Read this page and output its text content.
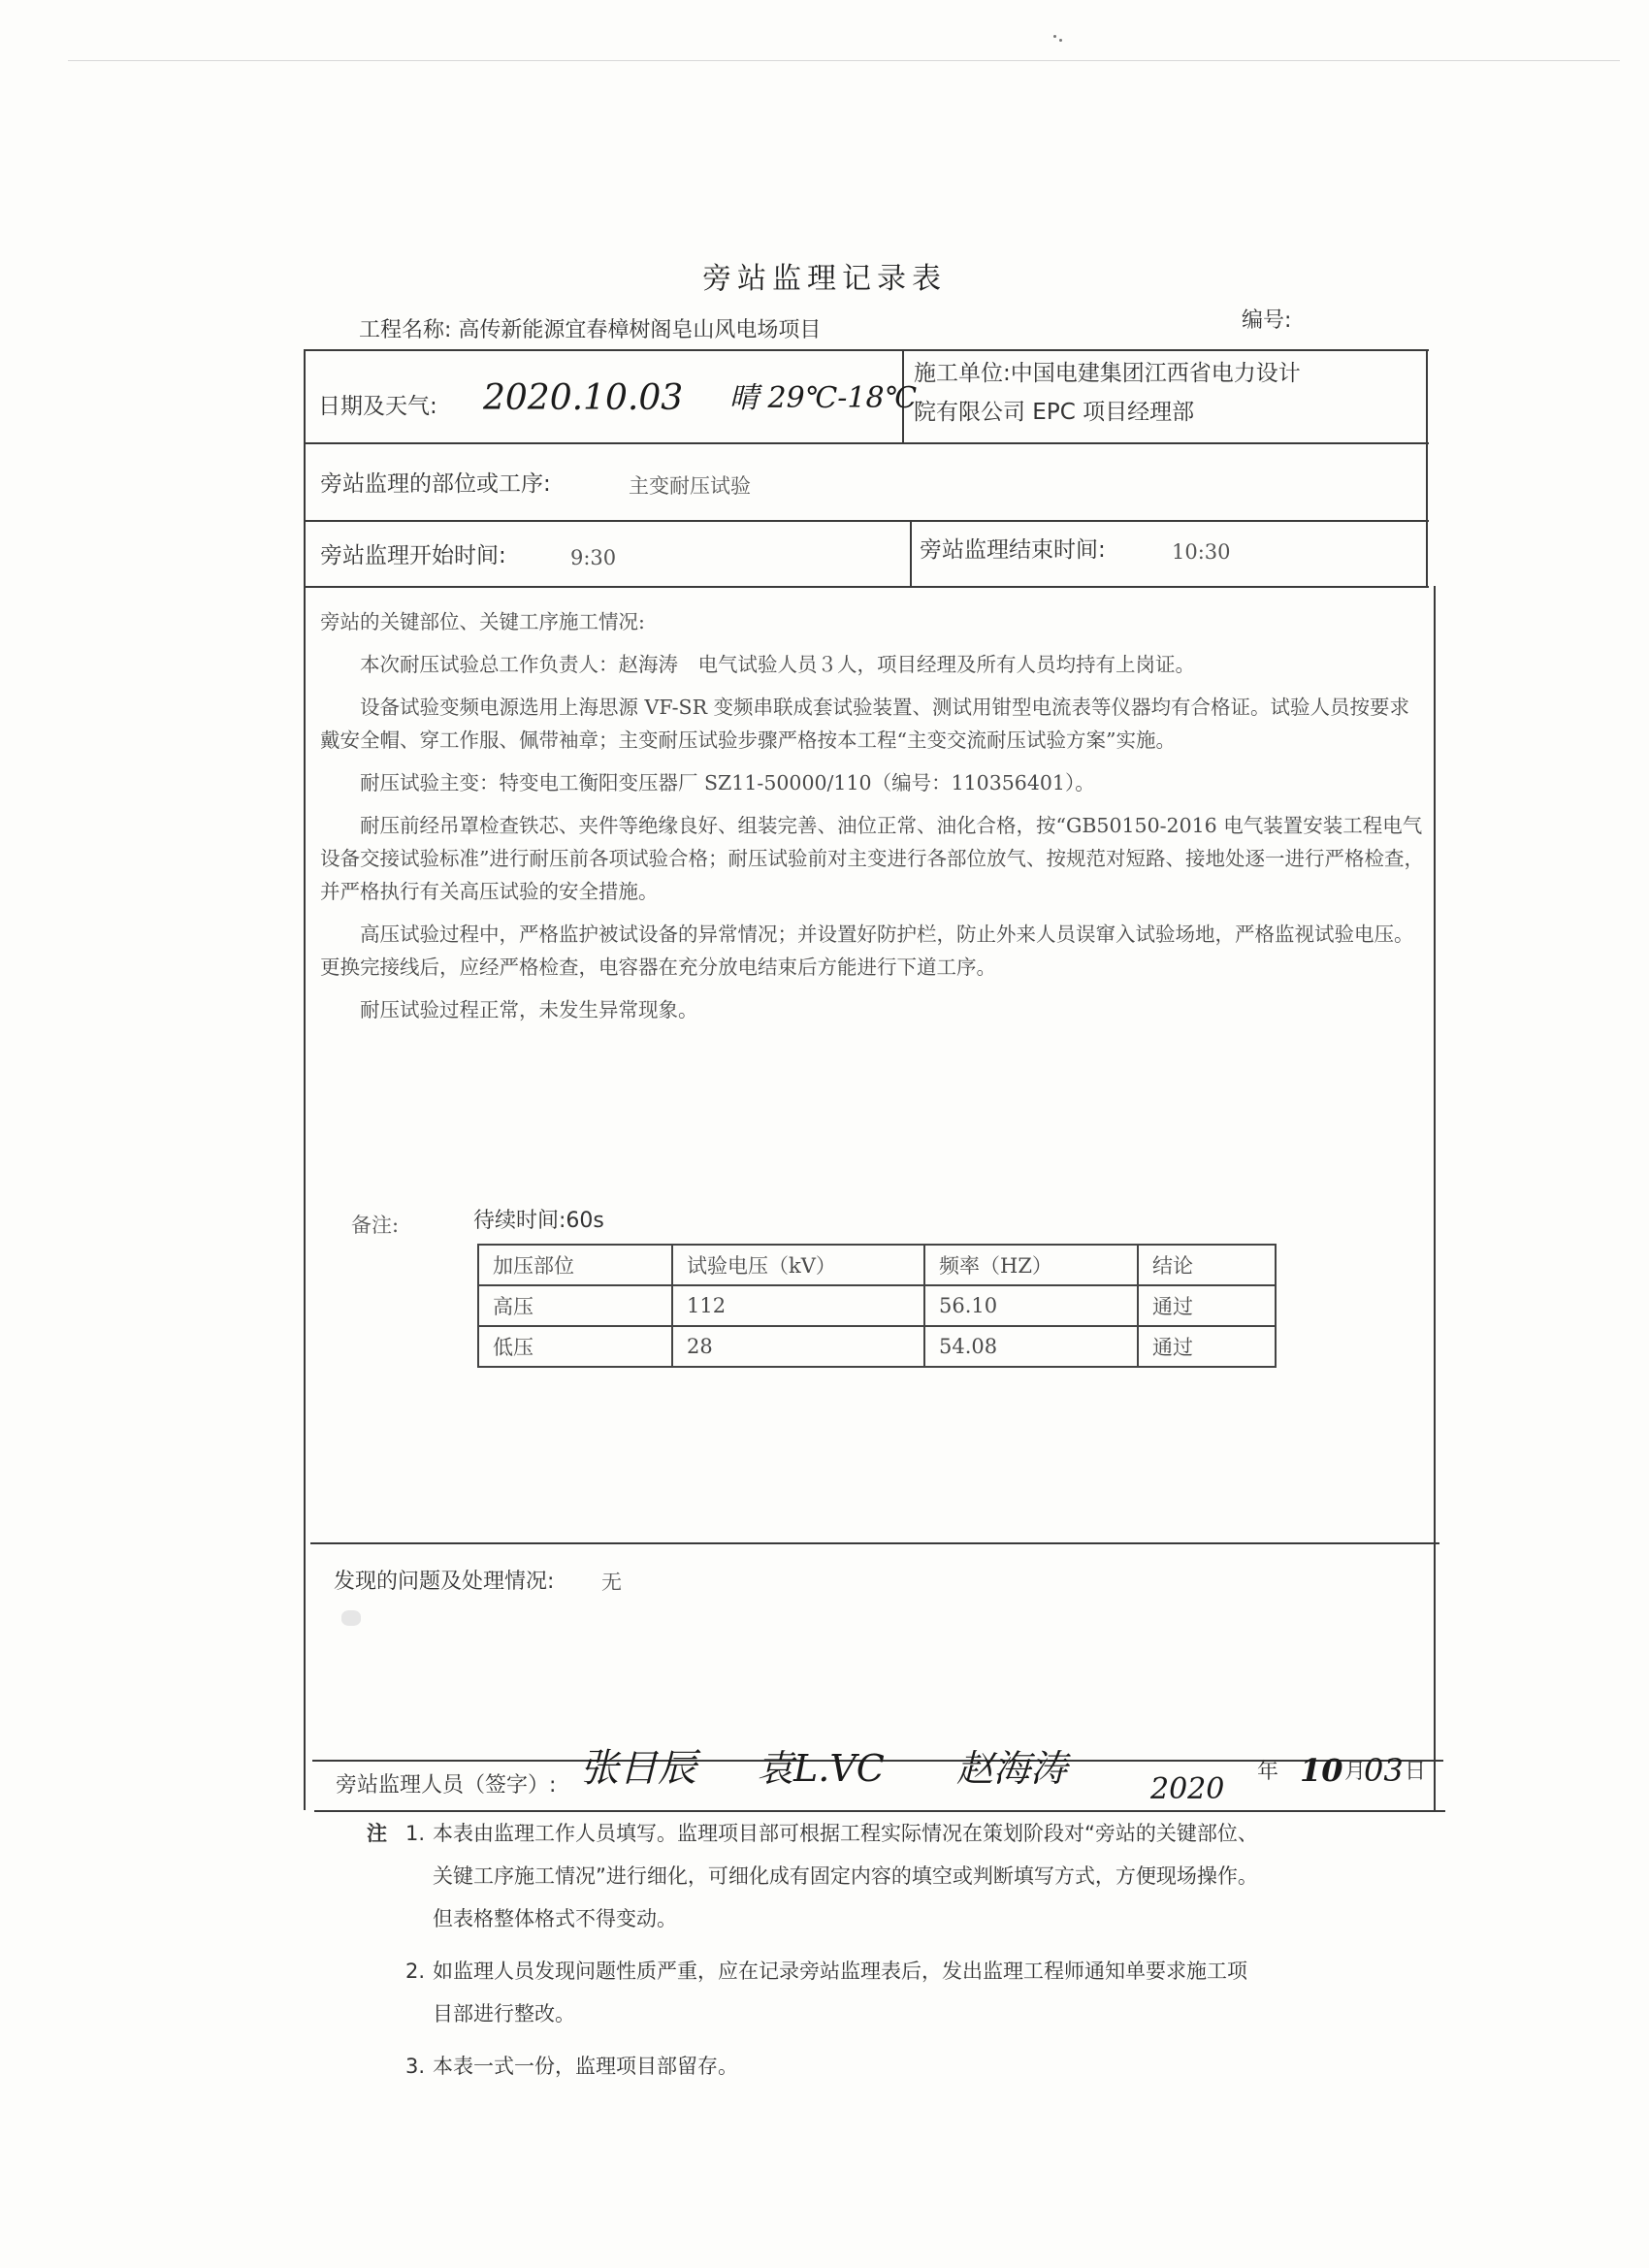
旁站监理记录表
工程名称: 高传新能源宜春樟树阁皂山风电场项目	编号:
日期及天气: 2020.10.03 晴 29℃-18℃
施工单位:中国电建集团江西省电力设计
院有限公司 EPC 项目经理部
旁站监理的部位或工序:	主变耐压试验
旁站监理开始时间:	9:30	旁站监理结束时间:	10:30

旁站的关键部位、关键工序施工情况:

本次耐压试验总工作负责人：赵海涛　电气试验人员３人，项目经理及所有人员均持有上岗证。

设备试验变频电源选用上海思源 VF-SR 变频串联成套试验装置、测试用钳型电流表等仪器均有合格证。试验人员按要求戴安全帽、穿工作服、佩带袖章；主变耐压试验步骤严格按本工程“主变交流耐压试验方案”实施。

耐压试验主变：特变电工衡阳变压器厂 SZ11-50000/110（编号：110356401）。

耐压前经吊罩检查铁芯、夹件等绝缘良好、组装完善、油位正常、油化合格，按“GB50150-2016 电气装置安装工程电气设备交接试验标准”进行耐压前各项试验合格；耐压试验前对主变进行各部位放气、按规范对短路、接地处逐一进行严格检查，并严格执行有关高压试验的安全措施。

高压试验过程中，严格监护被试设备的异常情况；并设置好防护栏，防止外来人员误窜入试验场地，严格监视试验电压。更换完接线后，应经严格检查，电容器在充分放电结束后方能进行下道工序。

耐压试验过程正常，未发生异常现象。

备注:	待续时间:60s
加压部位	试验电压（kV）	频率（HZ）	结论
高压	112	56.10	通过
低压	28	54.08	通过
发现的问题及处理情况: 无
旁站监理人员（签字）: 张日辰 袁L.VC 赵海涛	2020
年 10 月
03 日
注 1. 本表由监理工作人员填写。监理项目部可根据工程实际情况在策划阶段对“旁站的关键部位、
关键工序施工情况”进行细化，可细化成有固定内容的填空或判断填写方式，方便现场操作。
但表格整体格式不得变动。
2. 如监理人员发现问题性质严重，应在记录旁站监理表后，发出监理工程师通知单要求施工项
目部进行整改。
3. 本表一式一份，监理项目部留存。
